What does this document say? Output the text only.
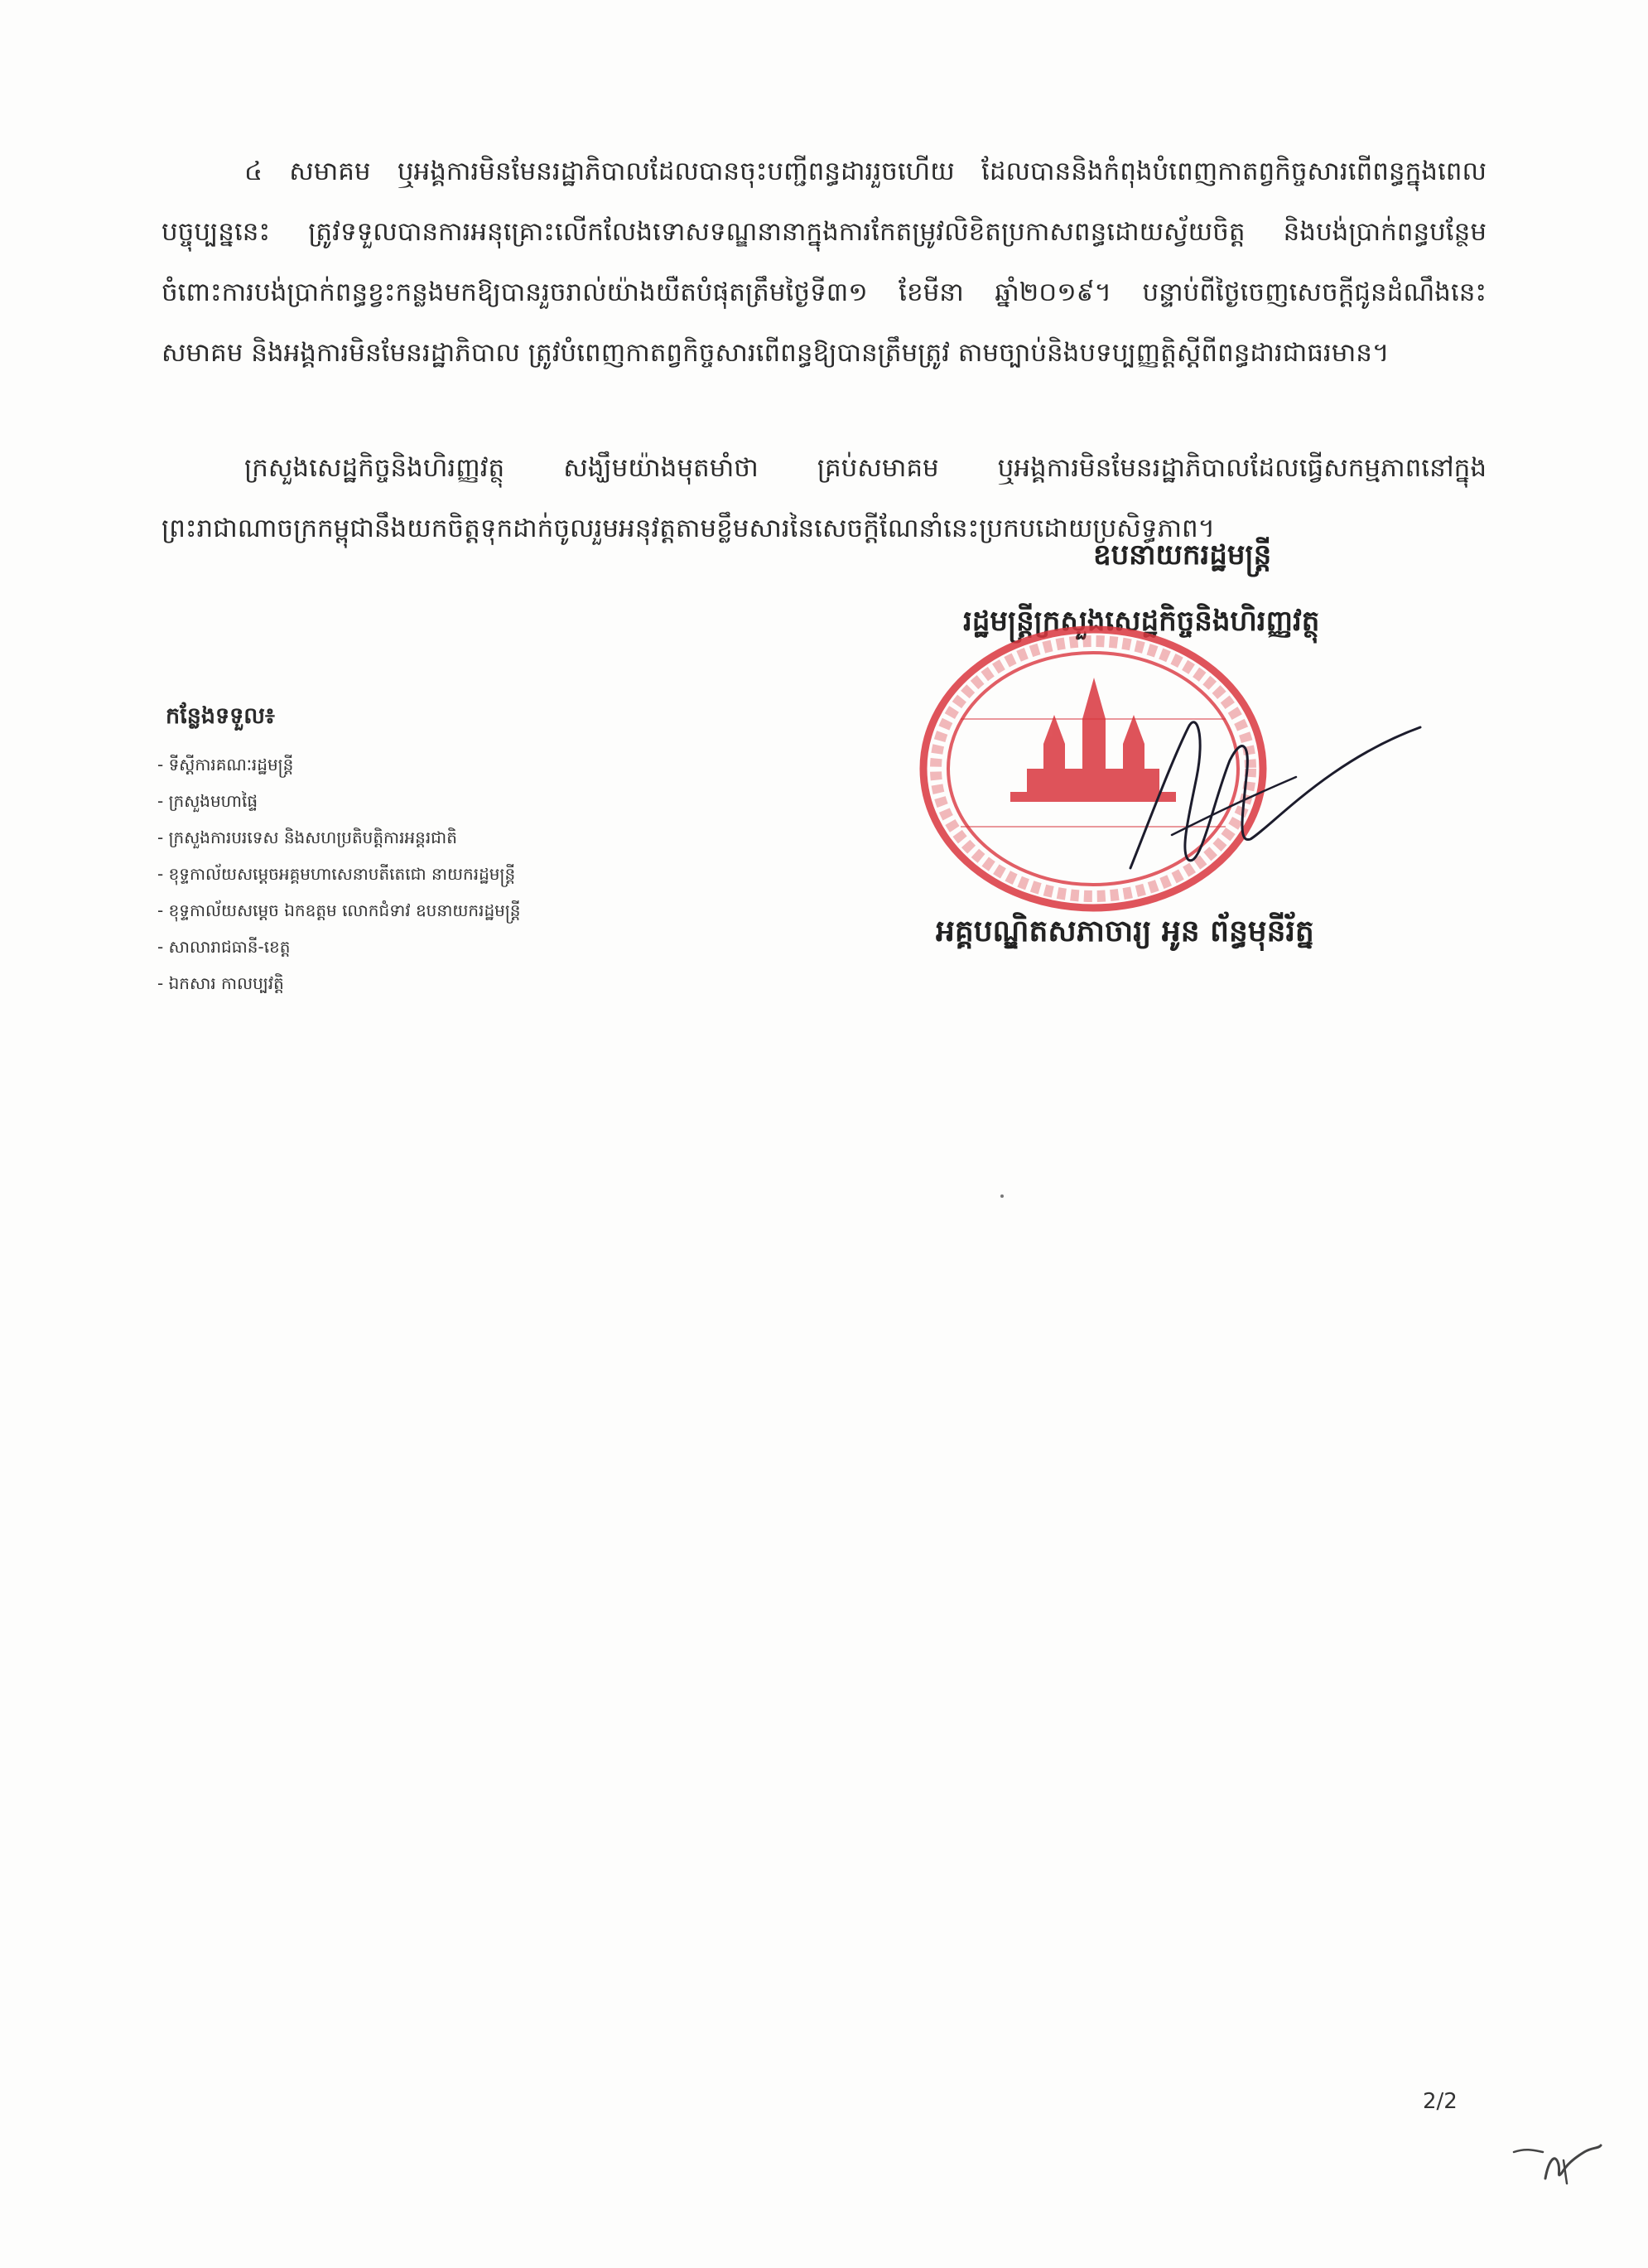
៤ សមាគម ឬអង្គការមិនមែនរដ្ឋាភិបាលដែលបានចុះបញ្ជីពន្ធដាររួចហើយ ដែលបាននិងកំពុងបំពេញកាតព្វកិច្ចសារពើពន្ធក្នុងពេលបច្ចុប្បន្ននេះ ត្រូវទទួលបានការអនុគ្រោះលើកលែងទោសទណ្ឌនានាក្នុងការកែតម្រូវលិខិតប្រកាសពន្ធដោយស្វ័យចិត្ត និងបង់ប្រាក់ពន្ធបន្ថែមចំពោះការបង់ប្រាក់ពន្ធខ្វះកន្លងមកឱ្យបានរួចរាល់យ៉ាងយឺតបំផុតត្រឹមថ្ងៃទី៣១ ខែមីនា ឆ្នាំ២០១៩។ បន្ទាប់ពីថ្ងៃចេញសេចក្តីជូនដំណឹងនេះ សមាគម និងអង្គការមិនមែនរដ្ឋាភិបាល ត្រូវបំពេញកាតព្វកិច្ចសារពើពន្ធឱ្យបានត្រឹមត្រូវ តាមច្បាប់និងបទប្បញ្ញត្តិស្តីពីពន្ធដារជាធរមាន។

ក្រសួងសេដ្ឋកិច្ចនិងហិរញ្ញវត្ថុ សង្ឃឹមយ៉ាងមុតមាំថា គ្រប់សមាគម ឬអង្គការមិនមែនរដ្ឋាភិបាលដែលធ្វើសកម្មភាពនៅក្នុងព្រះរាជាណាចក្រកម្ពុជានឹងយកចិត្តទុកដាក់ចូលរួមអនុវត្តតាមខ្លឹមសារនៃសេចក្តីណែនាំនេះប្រកបដោយប្រសិទ្ធភាព។

ឧបនាយករដ្ឋមន្ត្រី
រដ្ឋមន្ត្រីក្រសួងសេដ្ឋកិច្ចនិងហិរញ្ញវត្ថុ
អគ្គបណ្ឌិតសភាចារ្យ អូន ព័ន្ធមុនីរ័ត្ន
កន្លែងទទួល៖
- ទីស្តីការគណៈរដ្ឋមន្ត្រី
- ក្រសួងមហាផ្ទៃ
- ក្រសួងការបរទេស និងសហប្រតិបត្តិការអន្តរជាតិ
- ខុទ្ទកាល័យសម្តេចអគ្គមហាសេនាបតីតេជោ នាយករដ្ឋមន្ត្រី
- ខុទ្ទកាល័យសម្តេច ឯកឧត្តម លោកជំទាវ ឧបនាយករដ្ឋមន្ត្រី
- សាលារាជធានី-ខេត្ត
- ឯកសារ កាលប្បវត្តិ
2/2
